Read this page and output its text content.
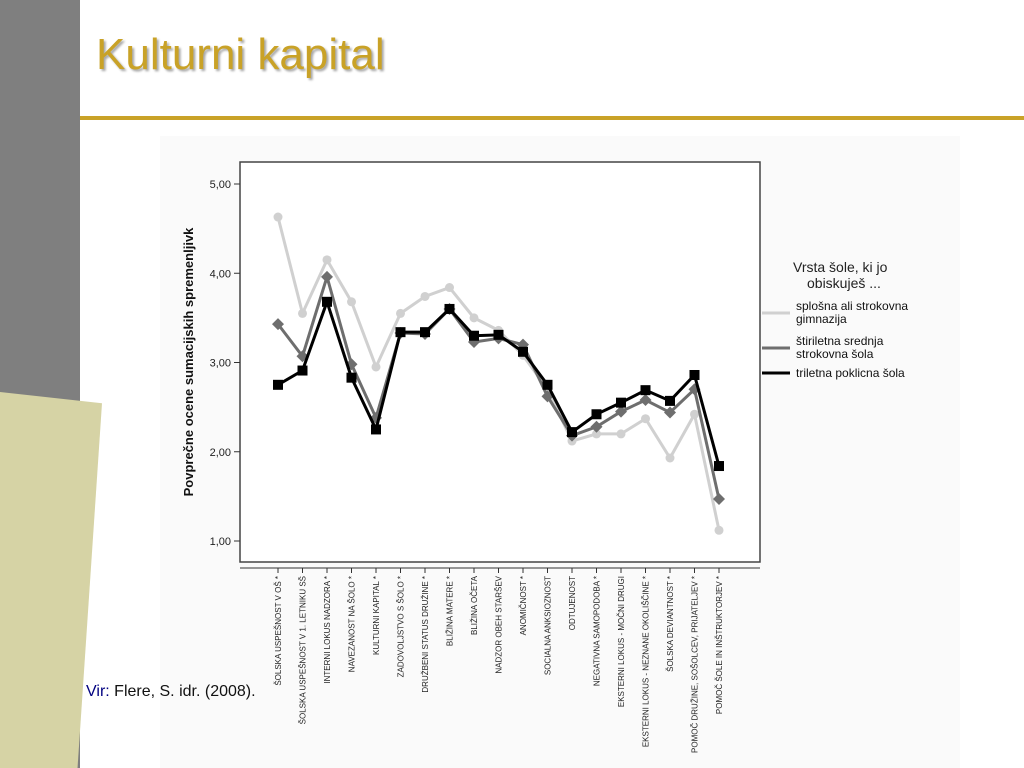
Kulturni kapital
1,00
2,00
3,00
4,00
5,00
Povprečne ocene sumacijskih spremenljivk
ŠOLSKA USPEŠNOST V OŠ * ŠOLSKA USPEŠNOST V 1. LETNIKU SŠ INTERNI LOKUS NADZORA * NAVEZANOST NA ŠOLO * KULTURNI KAPITAL * ZADOVOLJSTVO S ŠOLO * DRUŽBENI STATUS DRUŽINE * BLIŽINA MATERE * BLIŽINA OČETA NADZOR OBEH STARŠEV ANOMIČNOST * SOCIALNA ANKSIOZNOST ODTUJENOST NEGATIVNA SAMOPODOBA * EKSTERNI LOKUS - MOČNI DRUGI EKSTERNI LOKUS - NEZNANE OKOLIŠČINE * ŠOLSKA DEVIANTNOST * POMOČ DRUŽINE, SOŠOLCEV, PRIJATELJEV * POMOČ ŠOLE IN INŠTRUKTORJEV *
Vrsta šole, ki jo obiskuješ ...
splošna ali strokovna gimnazija
štiriletna srednja strokovna šola
triletna poklicna šola
Vir: Flere, S. idr. (2008).
